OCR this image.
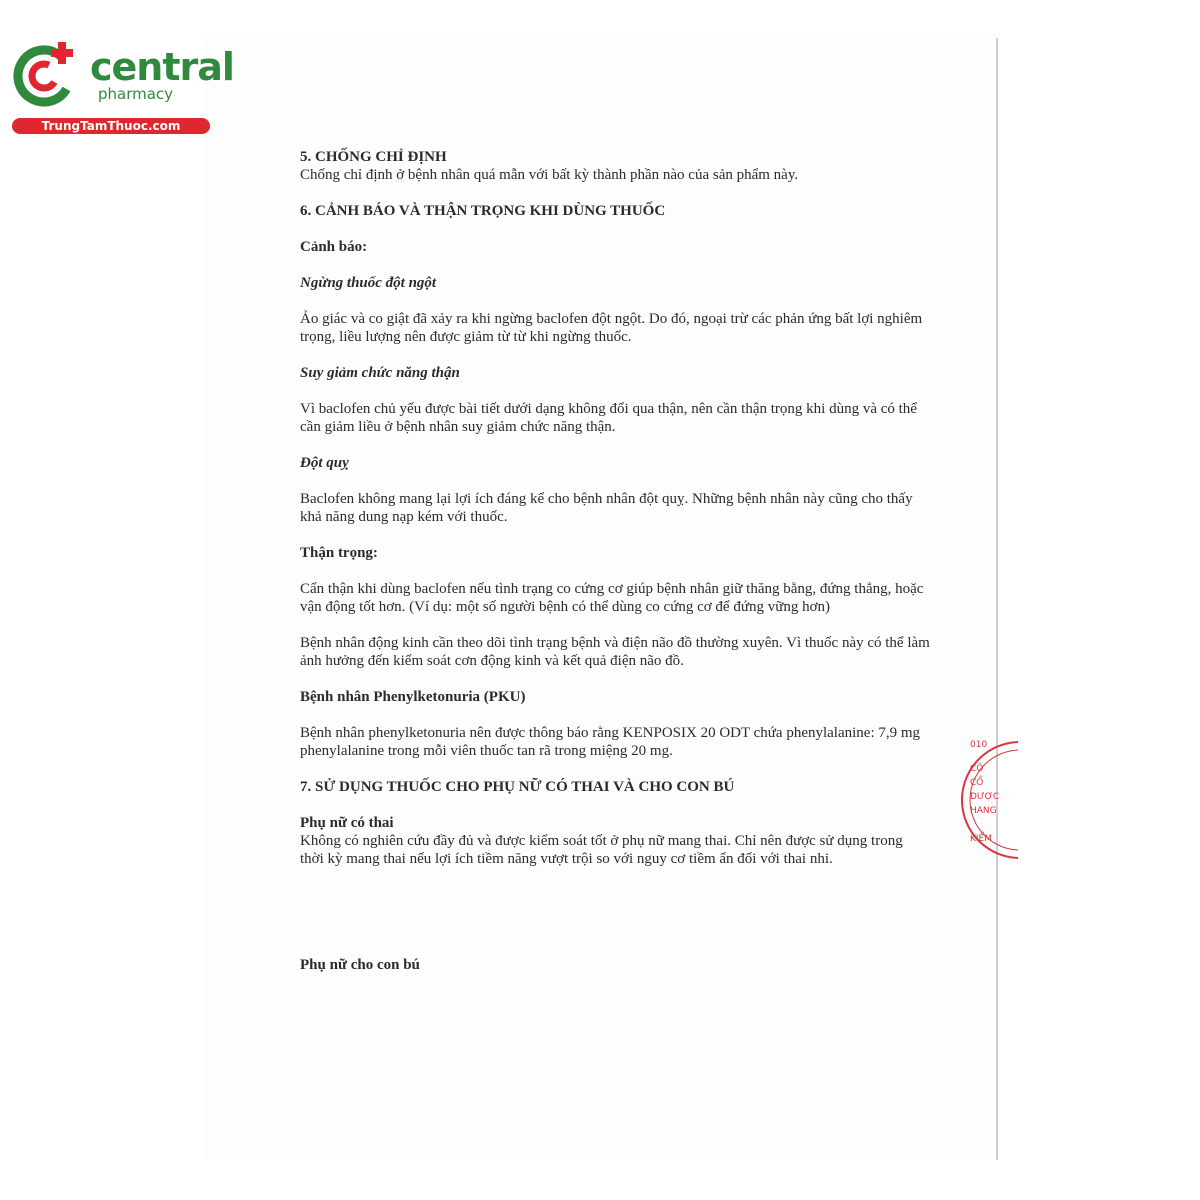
central
pharmacy
TrungTamThuoc.com

5. CHỐNG CHỈ ĐỊNH

Chống chỉ định ở bệnh nhân quá mẫn với bất kỳ thành phần nào của sản phẩm này.

6. CẢNH BÁO VÀ THẬN TRỌNG KHI DÙNG THUỐC

Cảnh báo:

Ngừng thuốc đột ngột

Ảo giác và co giật đã xảy ra khi ngừng baclofen đột ngột. Do đó, ngoại trừ các phản ứng bất lợi nghiêm trọng, liều lượng nên được giảm từ từ khi ngừng thuốc.

Suy giảm chức năng thận

Vì baclofen chủ yếu được bài tiết dưới dạng không đổi qua thận, nên cần thận trọng khi dùng và có thể cần giảm liều ở bệnh nhân suy giảm chức năng thận.

Đột quỵ

Baclofen không mang lại lợi ích đáng kể cho bệnh nhân đột quỵ. Những bệnh nhân này cũng cho thấy khả năng dung nạp kém với thuốc.

Thận trọng:

Cẩn thận khi dùng baclofen nếu tình trạng co cứng cơ giúp bệnh nhân giữ thăng bằng, đứng thẳng, hoặc vận động tốt hơn. (Ví dụ: một số người bệnh có thể dùng co cứng cơ để đứng vững hơn)

Bệnh nhân động kinh cần theo dõi tình trạng bệnh và điện não đồ thường xuyên. Vì thuốc này có thể làm ảnh hưởng đến kiểm soát cơn động kinh và kết quả điện não đồ.

Bệnh nhân Phenylketonuria (PKU)

Bệnh nhân phenylketonuria nên được thông báo rằng KENPOSIX 20 ODT chứa phenylalanine: 7,9 mg phenylalanine trong mỗi viên thuốc tan rã trong miệng 20 mg.

7. SỬ DỤNG THUỐC CHO PHỤ NỮ CÓ THAI VÀ CHO CON BÚ

Phụ nữ có thai

Không có nghiên cứu đầy đủ và được kiểm soát tốt ở phụ nữ mang thai. Chỉ nên được sử dụng trong thời kỳ mang thai nếu lợi ích tiềm năng vượt trội so với nguy cơ tiềm ẩn đối với thai nhi.

Phụ nữ cho con bú

010
CÔ
CỔ
DƯỢC
HANG
KIỂM
